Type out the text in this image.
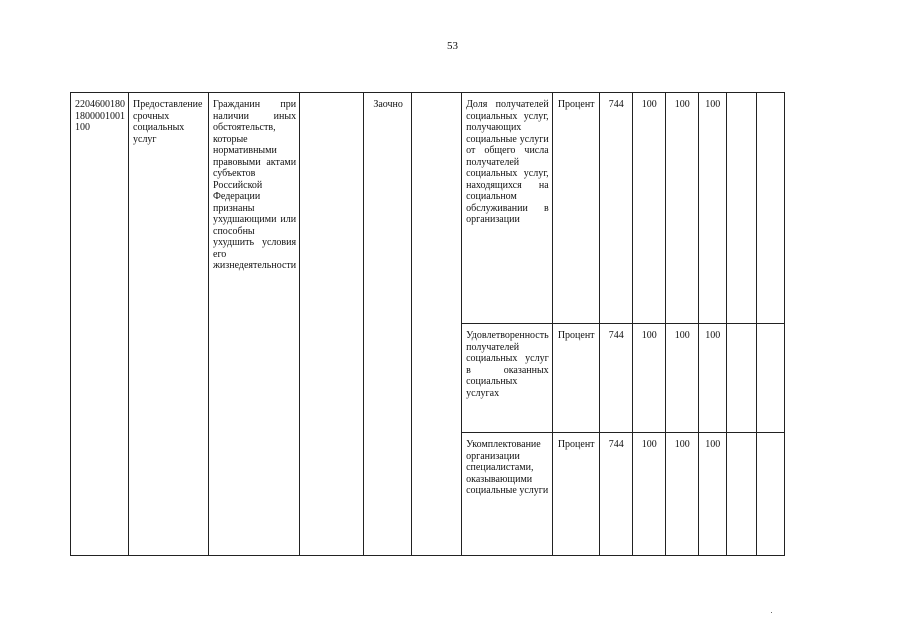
53
2204600180 1800001001 100	Предоставление срочных социальных услуг	Гражданин при наличии иных обстоятельств, которые нормативными правовыми актами субъектов Российской Федерации признаны ухудшающими или способны ухудшить условия его жизнедеятельности		Заочно		Доля получателей социальных услуг, получающих социальные услуги от общего числа получателей социальных услуг, находящихся на социальном обслуживании в организации	Процент	744	100	100	100		
						Удовлетворенность получателей социальных услуг в оказанных социальных услугах	Процент	744	100	100	100		
						Укомплектование организации специалистами, оказывающими социальные услуги	Процент	744	100	100	100		
